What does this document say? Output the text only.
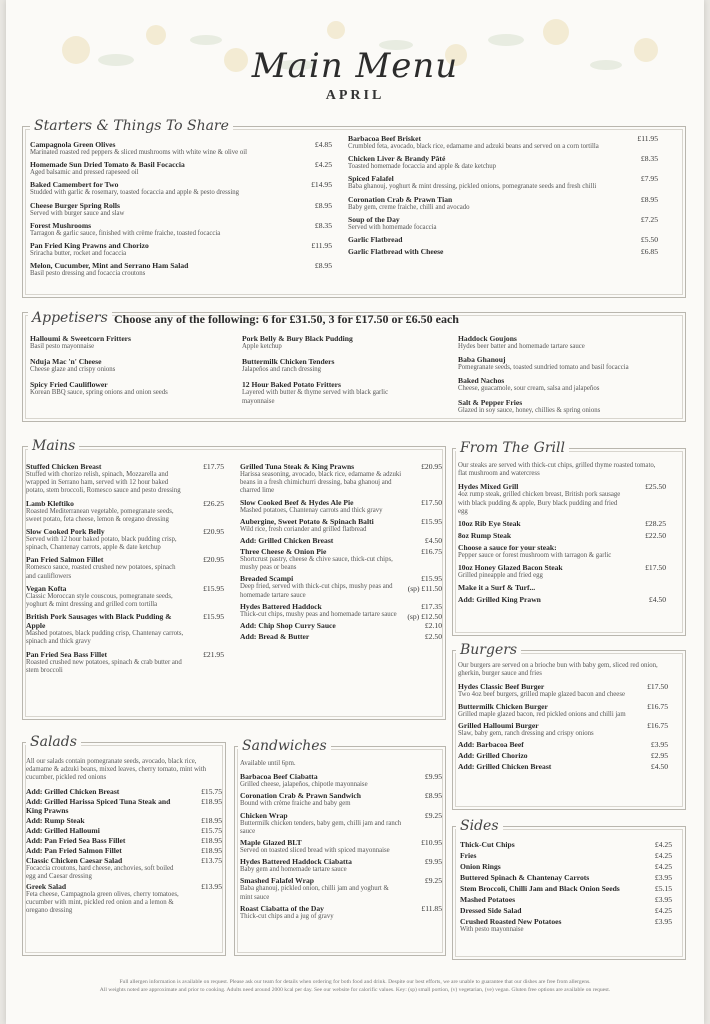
Main Menu
APRIL
Starters & Things To Share
Campagnola Green Olives
Marinated roasted red peppers & sliced mushrooms with white wine & olive oil
£4.85
Homemade Sun Dried Tomato & Basil Focaccia
Aged balsamic and pressed rapeseed oil
£4.25
Baked Camembert for Two
Studded with garlic & rosemary, toasted focaccia and apple & pesto dressing
£14.95
Cheese Burger Spring Rolls
Served with burger sauce and slaw
£8.95
Forest Mushrooms
Tarragon & garlic sauce, finished with crème fraiche, toasted focaccia
£8.35
Pan Fried King Prawns and Chorizo
Sriracha butter, rocket and focaccia
£11.95
Melon, Cucumber, Mint and Serrano Ham Salad
Basil pesto dressing and focaccia croutons
£8.95
Barbacoa Beef Brisket
Crumbled feta, avocado, black rice, edamame and adzuki beans and served on a corn tortilla
£11.95
Chicken Liver & Brandy Pâté
Toasted homemade focaccia and apple & date ketchup
£8.35
Spiced Falafel
Baba ghanouj, yoghurt & mint dressing, pickled onions, pomegranate seeds and fresh chilli
£7.95
Coronation Crab & Prawn Tian
Baby gem, creme fraiche, chilli and avocado
£8.95
Soup of the Day
Served with homemade focaccia
£7.25
Garlic Flatbread	£5.50
Garlic Flatbread with Cheese	£6.85
Appetisers Choose any of the following: 6 for £31.50, 3 for £17.50 or £6.50 each
Halloumi & Sweetcorn Fritters
Basil pesto mayonnaise
Nduja Mac 'n' Cheese
Cheese glaze and crispy onions
Spicy Fried Cauliflower
Korean BBQ sauce, spring onions and onion seeds
Pork Belly & Bury Black Pudding
Apple ketchup
Buttermilk Chicken Tenders
Jalapeños and ranch dressing
12 Hour Baked Potato Fritters
Layered with butter & thyme served with black garlic mayonnaise
Haddock Goujons
Hydes beer batter and homemade tartare sauce
Baba Ghanouj
Pomegranate seeds, toasted sundried tomato and basil focaccia
Baked Nachos
Cheese, guacamole, sour cream, salsa and jalapeños
Salt & Pepper Fries
Glazed in soy sauce, honey, chillies & spring onions
Mains
Stuffed Chicken Breast
Stuffed with chorizo relish, spinach, Mozzarella and wrapped in Serrano ham, served with 12 hour baked potato, stem broccoli, Romesco sauce and pesto dressing
£17.75
Lamb Kleftiko
Roasted Mediterranean vegetable, pomegranate seeds, sweet potato, feta cheese, lemon & oregano dressing
£26.25
Slow Cooked Pork Belly
Served with 12 hour baked potato, black pudding crisp, spinach, Chantenay carrots, apple & date ketchup
£20.95
Pan Fried Salmon Fillet
Romesco sauce, roasted crushed new potatoes, spinach and cauliflowers
£20.95
Vegan Kofta
Classic Moroccan style couscous, pomegranate seeds, yoghurt & mint dressing and grilled corn tortilla
£15.95
British Pork Sausages with Black Pudding & Apple
Mashed potatoes, black pudding crisp, Chantenay carrots, spinach and thick gravy
£15.95
Pan Fried Sea Bass Fillet
Roasted crushed new potatoes, spinach & crab butter and stem broccoli
£21.95
Grilled Tuna Steak & King Prawns
Harissa seasoning, avocado, black rice, edamame & adzuki beans in a fresh chimichurri dressing, baba ghanouj and charred lime
£20.95
Slow Cooked Beef & Hydes Ale Pie
Mashed potatoes, Chantenay carrots and thick gravy
£17.50
Aubergine, Sweet Potato & Spinach Balti
Wild rice, fresh coriander and grilled flatbread
£15.95
Add: Grilled Chicken Breast	£4.50
Three Cheese & Onion Pie
Shortcrust pastry, cheese & chive sauce, thick-cut chips, mushy peas or beans
£16.75
Breaded Scampi
Deep fried, served with thick-cut chips, mushy peas and homemade tartare sauce
£15.95
(sp) £11.50
Hydes Battered Haddock
Thick-cut chips, mushy peas and homemade tartare sauce
£17.35
(sp) £12.50
Add: Chip Shop Curry Sauce	£2.10
Add: Bread & Butter	£2.50
From The Grill
Our steaks are served with thick-cut chips, grilled thyme roasted tomato, flat mushroom and watercress
Hydes Mixed Grill
4oz rump steak, grilled chicken breast, British pork sausage with black pudding & apple, Bury black pudding and fried egg
£25.50
10oz Rib Eye Steak	£28.25
8oz Rump Steak	£22.50
Choose a sauce for your steak:
Pepper sauce or forest mushroom with tarragon & garlic
10oz Honey Glazed Bacon Steak
Grilled pineapple and fried egg
£17.50
Make it a Surf & Turf...
Add: Grilled King Prawn	£4.50
Burgers
Our burgers are served on a brioche bun with baby gem, sliced red onion, gherkin, burger sauce and fries
Hydes Classic Beef Burger
Two 4oz beef burgers, grilled maple glazed bacon and cheese
£17.50
Buttermilk Chicken Burger
Grilled maple glazed bacon, red pickled onions and chilli jam
£16.75
Grilled Halloumi Burger
Slaw, baby gem, ranch dressing and crispy onions
£16.75
Add: Barbacoa Beef	£3.95
Add: Grilled Chorizo	£2.95
Add: Grilled Chicken Breast	£4.50
Salads
All our salads contain pomegranate seeds, avocado, black rice, edamame & adzuki beans, mixed leaves, cherry tomato, mint with cucumber, pickled red onions
Add: Grilled Chicken Breast	£15.75
Add: Grilled Harissa Spiced Tuna Steak and King Prawns
£18.95
Add: Rump Steak	£18.95
Add: Grilled Halloumi	£15.75
Add: Pan Fried Sea Bass Fillet	£18.95
Add: Pan Fried Salmon Fillet	£18.95
Classic Chicken Caesar Salad
Focaccia croutons, hard cheese, anchovies, soft boiled egg and Caesar dressing
£13.75
Greek Salad
Feta cheese, Campagnola green olives, cherry tomatoes, cucumber with mint, pickled red onion and a lemon & oregano dressing
£13.95
Sandwiches
Available until 6pm.
Barbacoa Beef Ciabatta
Grilled cheese, jalapeños, chipotle mayonnaise
£9.95
Coronation Crab & Prawn Sandwich
Bound with crème fraiche and baby gem
£8.95
Chicken Wrap
Buttermilk chicken tenders, baby gem, chilli jam and ranch sauce
£9.25
Maple Glazed BLT
Served on toasted sliced bread with spiced mayonnaise
£10.95
Hydes Battered Haddock Ciabatta
Baby gem and homemade tartare sauce
£9.95
Smashed Falafel Wrap
Baba ghanouj, pickled onion, chilli jam and yoghurt & mint sauce
£9.25
Roast Ciabatta of the Day
Thick-cut chips and a jug of gravy
£11.85
Sides
Thick-Cut Chips	£4.25
Fries	£4.25
Onion Rings	£4.25
Buttered Spinach & Chantenay Carrots	£3.95
Stem Broccoli, Chilli Jam and Black Onion Seeds	£5.15
Mashed Potatoes	£3.95
Dressed Side Salad	£4.25
Crushed Roasted New Potatoes
With pesto mayonnaise
£3.95
Full allergen information is available on request. Please ask our team for details when ordering for both food and drink. Despite our best efforts, we are unable to guarantee that our dishes are free from allergens.
All weights noted are approximate and prior to cooking. Adults need around 2000 kcal per day. See our website for calorific values. Key: (sp) small portion, (v) vegetarian, (ve) vegan. Gluten free options are available on request.
